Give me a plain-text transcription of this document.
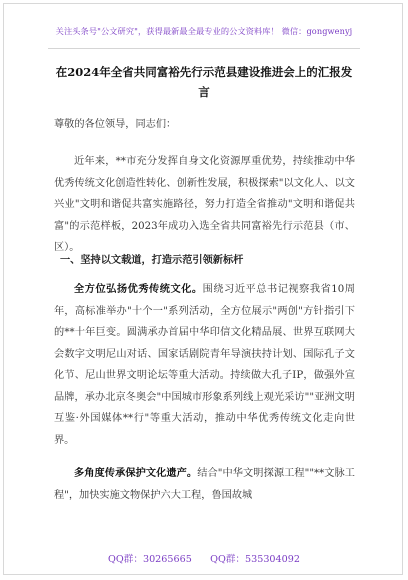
关注头条号"公文研究"，获得最新最全最专业的公文资料库！ 微信：gongwenyj
在2024年全省共同富裕先行示范县建设推进会上的汇报发言
尊敬的各位领导，同志们：
近年来，**市充分发挥自身文化资源厚重优势，持续推动中华优秀传统文化创造性转化、创新性发展，积极探索"以文化人、以文兴业"文明和谐促共富实施路径，努力打造全省推动"文明和谐促共富"的示范样板，2023年成功入选全省共同富裕先行示范县（市、区）。
一、坚持以文载道，打造示范引领新标杆
全方位弘扬优秀传统文化。围绕习近平总书记视察我省10周年，高标准举办"十个一"系列活动，全方位展示"两创"方针指引下的**十年巨变。圆满承办首届中华印信文化精品展、世界互联网大会数字文明尼山对话、国家话剧院青年导演扶持计划、国际孔子文化节、尼山世界文明论坛等重大活动。持续做大孔子IP，做强外宣品牌，承办北京冬奥会"中国城市形象系列线上观光采访""亚洲文明互鉴·外国媒体**行"等重大活动，推动中华优秀传统文化走向世界。
多角度传承保护文化遗产。结合"中华文明探源工程""**文脉工程"，加快实施文物保护六大工程，鲁国故城
QQ群：30265665      QQ群：535304092
